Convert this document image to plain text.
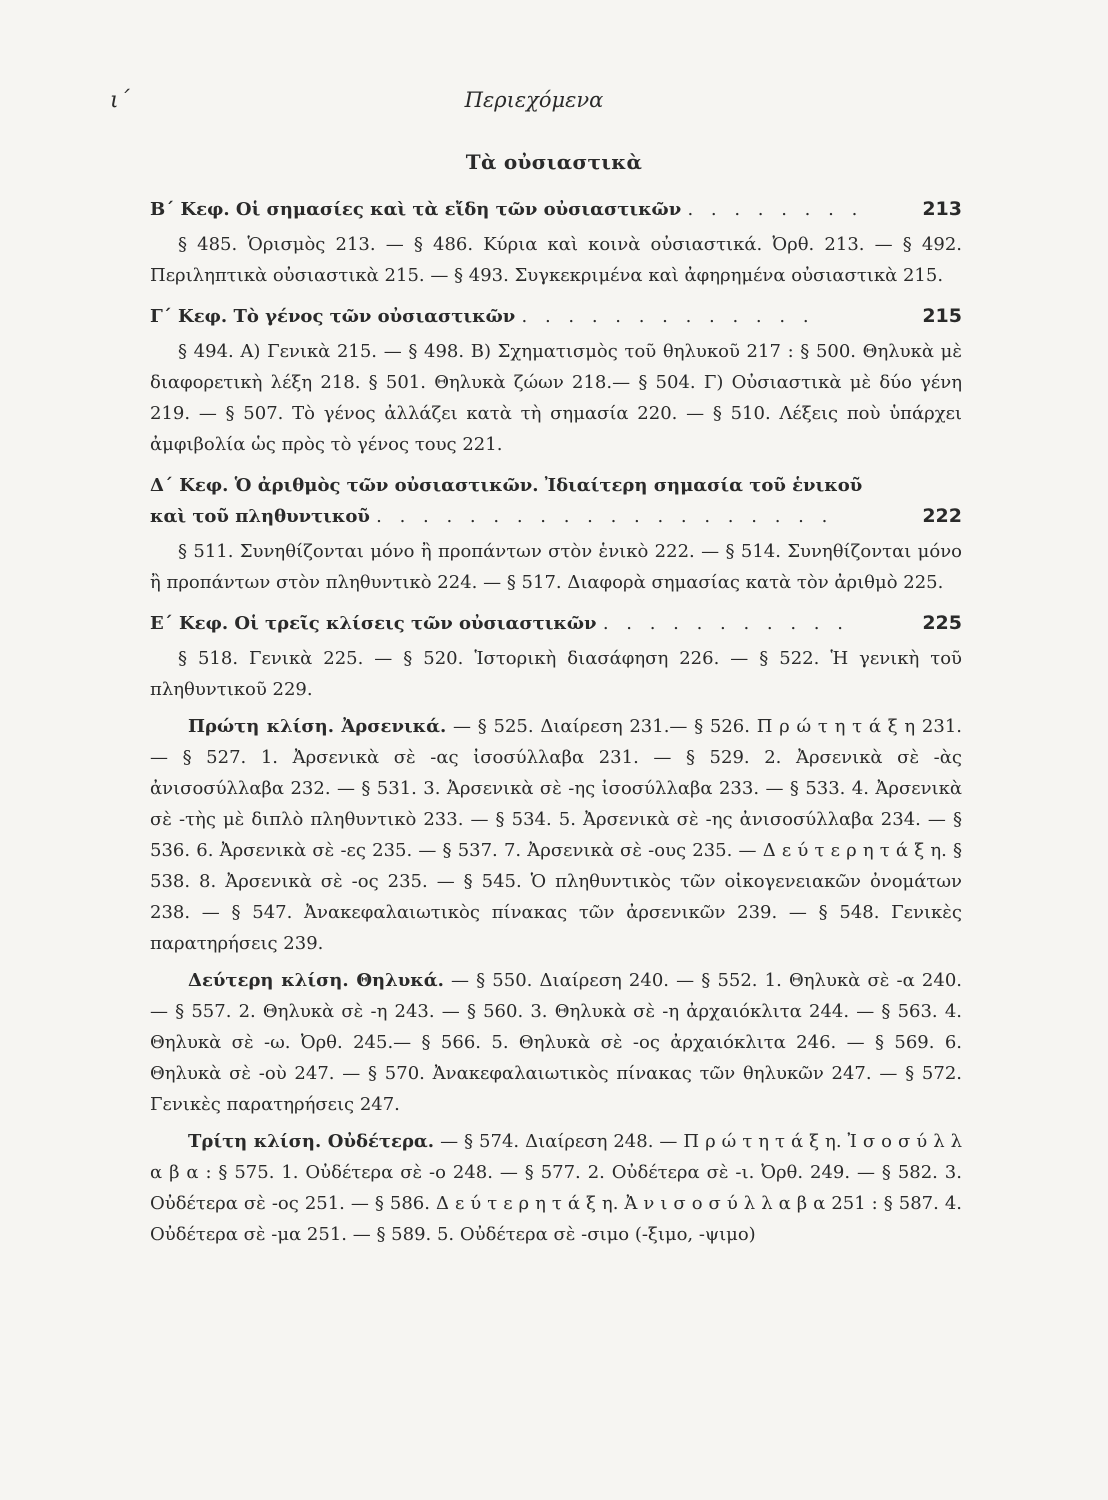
ι΄	Περιεχόμενα
Τὰ οὐσιαστικὰ
Β΄ Κεφ. Οἱ σημασίες καὶ τὰ εἴδη τῶν οὐσιαστικῶν . . . . . . . .	213
§ 485. Ὁρισμὸς 213. — § 486. Κύρια καὶ κοινὰ οὐσιαστικά. Ὀρθ. 213. — § 492. Περιληπτικὰ οὐσιαστικὰ 215. — § 493. Συγκεκριμένα καὶ ἀφηρημένα οὐσιαστικὰ 215.
Γ΄ Κεφ. Τὸ γένος τῶν οὐσιαστικῶν . . . . . . . . . . . . .	215
§ 494. Α) Γενικὰ 215. — § 498. Β) Σχηματισμὸς τοῦ θηλυκοῦ 217 : § 500. Θηλυκὰ μὲ διαφορετικὴ λέξη 218. § 501. Θηλυκὰ ζώων 218.— § 504. Γ) Οὐσιαστικὰ μὲ δύο γένη 219. — § 507. Τὸ γένος ἀλλάζει κατὰ τὴ σημασία 220. — § 510. Λέξεις ποὺ ὑπάρχει ἀμφιβολία ὡς πρὸς τὸ γένος τους 221.
Δ΄ Κεφ. Ὁ ἀριθμὸς τῶν οὐσιαστικῶν. Ἰδιαίτερη σημασία τοῦ ἑνικοῦ
καὶ τοῦ πληθυντικοῦ . . . . . . . . . . . . . . . . . . . .	222
§ 511. Συνηθίζονται μόνο ἢ προπάντων στὸν ἑνικὸ 222. — § 514. Συνηθίζονται μόνο ἢ προπάντων στὸν πληθυντικὸ 224. — § 517. Διαφορὰ σημασίας κατὰ τὸν ἀριθμὸ 225.
Ε΄ Κεφ. Οἱ τρεῖς κλίσεις τῶν οὐσιαστικῶν . . . . . . . . . . .	225
§ 518. Γενικὰ 225. — § 520. Ἱστορικὴ διασάφηση 226. — § 522. Ἡ γενικὴ τοῦ πληθυντικοῦ 229.
Πρώτη κλίση. Ἀρσενικά. — § 525. Διαίρεση 231.— § 526. Π ρ ώ τ η τ ά ξ η 231. — § 527. 1. Ἀρσενικὰ σὲ -ας ἰσοσύλλαβα 231. — § 529. 2. Ἀρσενικὰ σὲ -ὰς ἀνισοσύλλαβα 232. — § 531. 3. Ἀρσενικὰ σὲ -ης ἰσοσύλλαβα 233. — § 533. 4. Ἀρσενικὰ σὲ -τὴς μὲ διπλὸ πληθυντικὸ 233. — § 534. 5. Ἀρσενικὰ σὲ -ης ἀνισοσύλλαβα 234. — § 536. 6. Ἀρσενικὰ σὲ -ες 235. — § 537. 7. Ἀρσενικὰ σὲ -ους 235. — Δ ε ύ τ ε ρ η τ ά ξ η. § 538. 8. Ἀρσενικὰ σὲ -ος 235. — § 545. Ὁ πληθυντικὸς τῶν οἰκογενειακῶν ὀνομάτων 238. — § 547. Ἀνακεφαλαιωτικὸς πίνακας τῶν ἀρσενικῶν 239. — § 548. Γενικὲς παρατηρήσεις 239.
Δεύτερη κλίση. Θηλυκά. — § 550. Διαίρεση 240. — § 552. 1. Θηλυκὰ σὲ -α 240. — § 557. 2. Θηλυκὰ σὲ -η 243. — § 560. 3. Θηλυκὰ σὲ -η ἀρχαιόκλιτα 244. — § 563. 4. Θηλυκὰ σὲ -ω. Ὀρθ. 245.— § 566. 5. Θηλυκὰ σὲ -ος ἀρχαιόκλιτα 246. — § 569. 6. Θηλυκὰ σὲ -οὺ 247. — § 570. Ἀνακεφαλαιωτικὸς πίνακας τῶν θηλυκῶν 247. — § 572. Γενικὲς παρατηρήσεις 247.
Τρίτη κλίση. Οὐδέτερα. — § 574. Διαίρεση 248. — Π ρ ώ τ η τ ά ξ η. Ἰ σ ο σ ύ λ λ α β α : § 575. 1. Οὐδέτερα σὲ -ο 248. — § 577. 2. Οὐδέτερα σὲ -ι. Ὀρθ. 249. — § 582. 3. Οὐδέτερα σὲ -ος 251. — § 586. Δ ε ύ τ ε ρ η τ ά ξ η. Ἀ ν ι σ ο σ ύ λ λ α β α 251 : § 587. 4. Οὐδέτερα σὲ -μα 251. — § 589. 5. Οὐδέτερα σὲ -σιμο (-ξιμο, -ψιμο)
